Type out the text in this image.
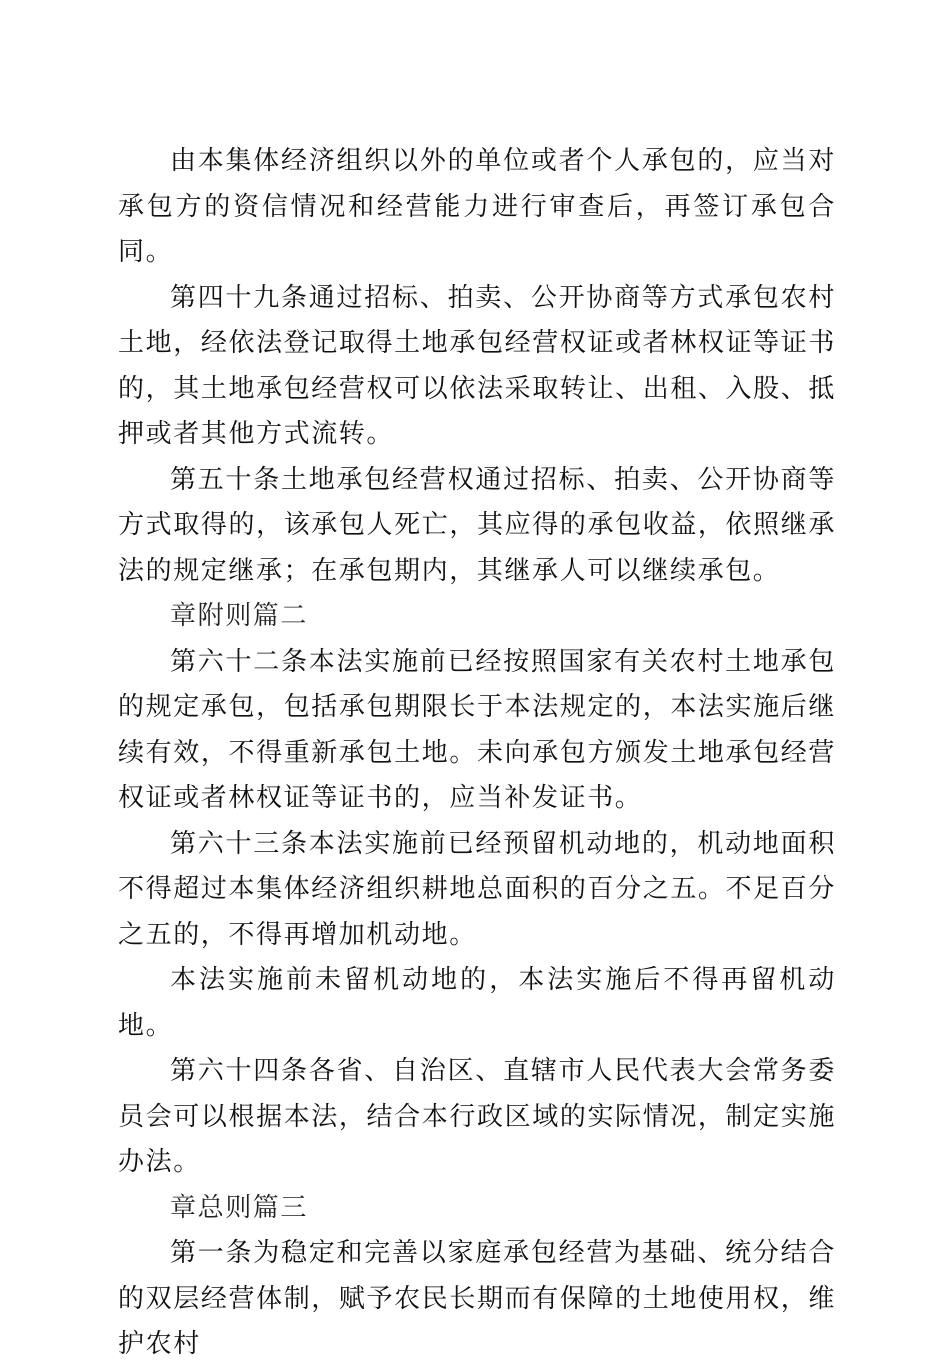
由本集体经济组织以外的单位或者个人承包的，应当对承包方的资信情况和经营能力进行审查后，再签订承包合同。

第四十九条通过招标、拍卖、公开协商等方式承包农村土地，经依法登记取得土地承包经营权证或者林权证等证书的，其土地承包经营权可以依法采取转让、出租、入股、抵押或者其他方式流转。

第五十条土地承包经营权通过招标、拍卖、公开协商等方式取得的，该承包人死亡，其应得的承包收益，依照继承法的规定继承；在承包期内，其继承人可以继续承包。

章附则篇二

第六十二条本法实施前已经按照国家有关农村土地承包的规定承包，包括承包期限长于本法规定的，本法实施后继续有效，不得重新承包土地。未向承包方颁发土地承包经营权证或者林权证等证书的，应当补发证书。

第六十三条本法实施前已经预留机动地的，机动地面积不得超过本集体经济组织耕地总面积的百分之五。不足百分之五的，不得再增加机动地。

本法实施前未留机动地的，本法实施后不得再留机动地。

第六十四条各省、自治区、直辖市人民代表大会常务委员会可以根据本法，结合本行政区域的实际情况，制定实施办法。

章总则篇三

第一条为稳定和完善以家庭承包经营为基础、统分结合的双层经营体制，赋予农民长期而有保障的土地使用权，维护农村
